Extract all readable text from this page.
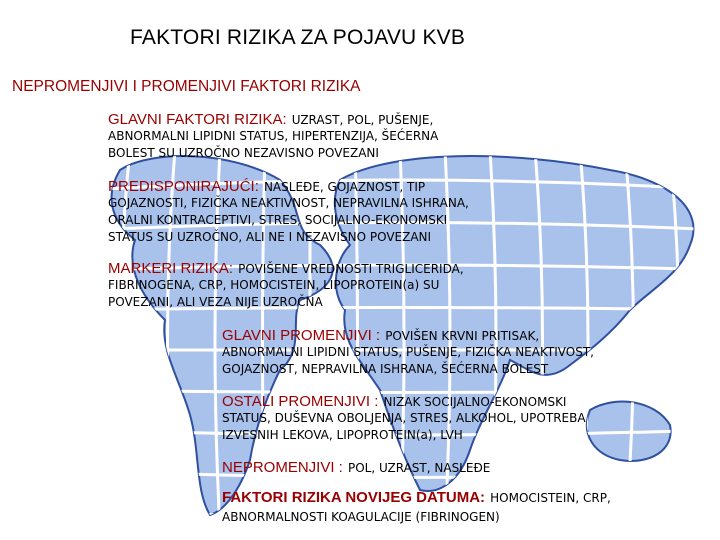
FAKTORI RIZIKA ZA POJAVU KVB
NEPROMENJIVI I PROMENJIVI FAKTORI RIZIKA
GLAVNI FAKTORI RIZIKA: UZRAST, POL, PUŠENJE,
ABNORMALNI LIPIDNI STATUS, HIPERTENZIJA, ŠEĆERNA
BOLEST SU UZROČNO NEZAVISNO POVEZANI
PREDISPONIRAJUĆI: NASLEĐE, GOJAZNOST, TIP
GOJAZNOSTI, FIZIČKA NEAKTIVNOST, NEPRAVILNA ISHRANA,
ORALNI KONTRACEPTIVI, STRES, SOCIJALNO-EKONOMSKI
STATUS SU UZROČNO, ALI NE I NEZAVISNO POVEZANI
MARKERI RIZIKA: POVIŠENE VREDNOSTI TRIGLICERIDA,
FIBRINOGENA, CRP, HOMOCISTEIN, LIPOPROTEIN(a) SU
POVEZANI, ALI VEZA NIJE UZROČNA
GLAVNI PROMENJIVI : POVIŠEN KRVNI PRITISAK,
ABNORMALNI LIPIDNI STATUS, PUŠENJE, FIZIČKA NEAKTIVOST,
GOJAZNOST, NEPRAVILNA ISHRANA, ŠEĆERNA BOLEST
OSTALI PROMENJIVI : NIZAK SOCIJALNO-EKONOMSKI
STATUS, DUŠEVNA OBOLJENJA, STRES, ALKOHOL, UPOTREBA
IZVESNIH LEKOVA, LIPOPROTEIN(a), LVH
NEPROMENJIVI : POL, UZRAST, NASLEĐE
FAKTORI RIZIKA NOVIJEG DATUMA: HOMOCISTEIN, CRP,
ABNORMALNOSTI KOAGULACIJE (FIBRINOGEN)
